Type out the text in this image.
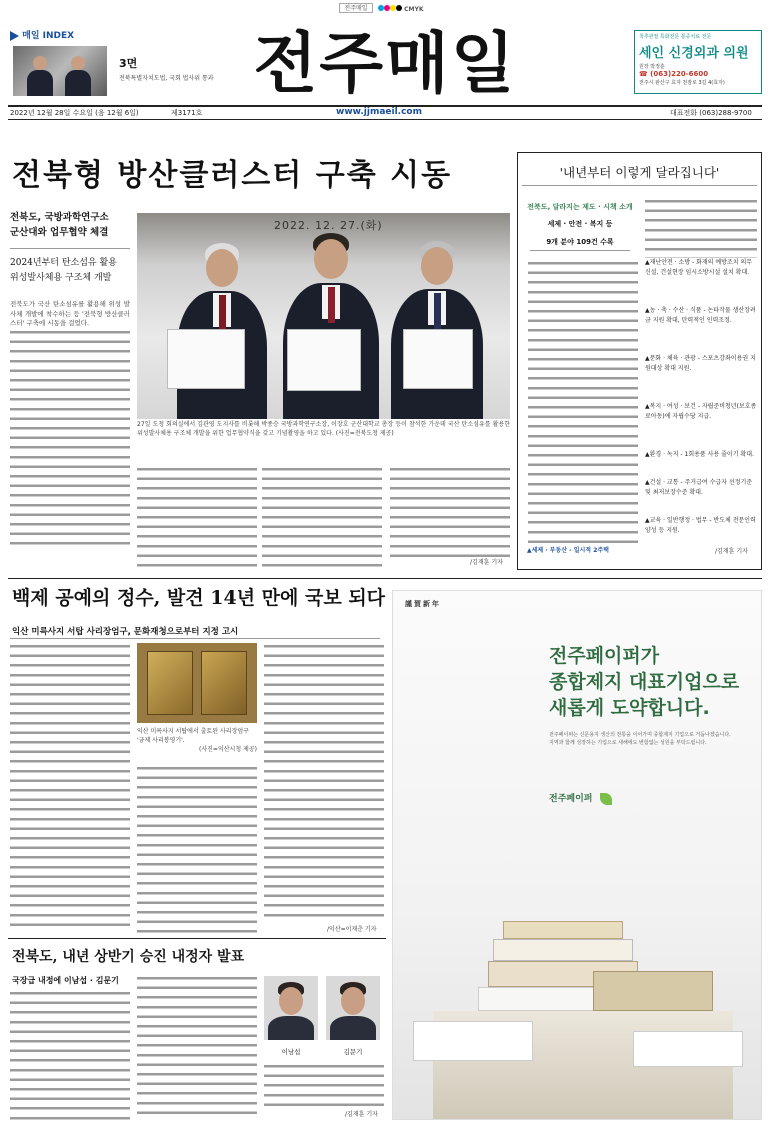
전주매일	CMYK
매일 INDEX
3면
전북특별자치도법, 국회 법사위 통과 전주매일	척추관절 특화전문 통증치료 전문
세인 신경외과 의원
원장 박정훈
☎ (063)220-6600
전주시 완산구 효자 천잠로 3길 4(효자)
2022년 12월 28일 수요일 (음 12월 6일)	제3171호	www.jjmaeil.com	대표전화 (063)288-9700
전북형 방산클러스터 구축 시동
전북도, 국방과학연구소
군산대와 업무협약 체결
2024년부터 탄소섬유 활용
위성발사체용 구조체 개발
전북도가 국산 탄소섬유를 활용해 위성 발사체 개발에 착수하는 등 '전북형 방산클러스터' 구축에 시동을 걸었다.
2022. 12. 27.(화)
27일 도청 회의실에서 김관영 도지사를 비롯해 박종승 국방과학연구소장, 이장호 군산대학교 총장 등이 참석한 가운데 국산 탄소섬유를 활용한 위성발사체용 구조체 개발을 위한 업무협약식을 갖고 기념촬영을 하고 있다. (사진=전북도청 제공)
/김재훈 기자
'내년부터 이렇게 달라집니다'
전북도, 달라지는 제도 · 시책 소개
세제 · 안전 · 복지 등
9개 분야 109건 수록
▲세제 · 부동산 - 일시적 2주택
▲재난안전 · 소방 - 화재의 예방조치 의무 신설, 건설현장 임시소방시설 설치 확대.
▲농 · 축 · 수산 · 식품 - 논타작물 생산장려금 지원 확대, 탄력적인 인력조정.
▲문화 · 체육 · 관광 - 스포츠강좌이용권 지원대상 확대 지원.
▲복지 · 여성 · 보건 - 자립준비청년(보호종료아동)에 자립수당 지급.
▲환경 · 녹지 - 1회용품 사용 줄이기 확대.
▲건설 · 교통 - 주거급여 수급자 선정기준 및 최저보장수준 확대.
▲교육 · 일반행정 · 법무 - 반도체 전문인력 양성 등 지원.
/김재훈 기자
백제 공예의 정수, 발견 14년 만에 국보 되다
익산 미륵사지 서탑 사리장엄구, 문화재청으로부터 지정 고시
익산 미륵사지 서탑에서 출토된 사리장엄구 '금제 사리봉영기'.
(사진=익산시청 제공)
/익산=이재춘 기자
謹賀新年
전주페이퍼가
종합제지 대표기업으로
새롭게 도약합니다.
전주페이퍼는 신문용지 생산의 전통을 이어가며 종합제지 기업으로 거듭나겠습니다.
지역과 함께 성장하는 기업으로 새해에도 변함없는 성원을 부탁드립니다.
전주페이퍼
전북도, 내년 상반기 승진 내정자 발표
국장급 내정에 이남섭 · 김문기
이남섭	김문기
/김재훈 기자
